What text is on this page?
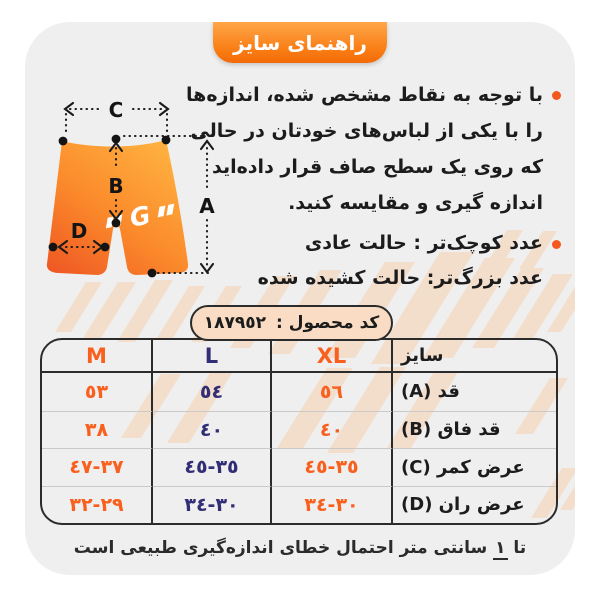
راهنمای سایز
با توجه به نقاط مشخص شده، اندازه‌ها
را با یکی از لباس‌های خودتان در حالی
که روی یک سطح صاف قرار داده‌اید
اندازه گیری و مقایسه کنید.
عدد کوچک‌تر : حالت عادی
عدد بزرگ‌تر: حالت کشیده شده
G
C
B
A
D
کد محصول :
١٨٧٩٥٢
M	L	XL	سایز
٥٣	٥٤	٥٦	قد (A)
٣٨	٤٠	٤٠	قد فاق (B)
٣٧-٤٧	٣٥-٤٥	٣٥-٤٥	عرض کمر (C)
٢٩-٣٢	٣٠-٣٤	٣٠-٣٤	عرض ران (D)
تا ١ سانتی متر احتمال خطای اندازه‌گیری طبیعی است
